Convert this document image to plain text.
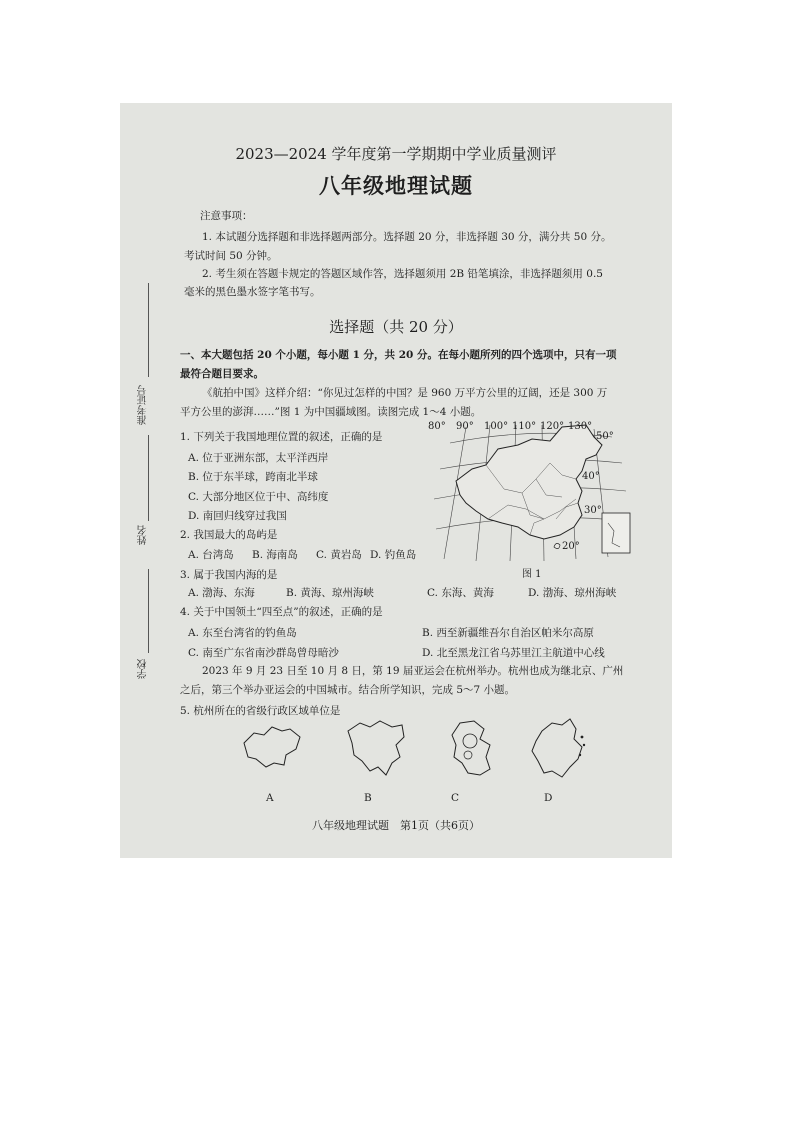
2023—2024 学年度第一学期期中学业质量测评
八年级地理试题
注意事项：
1. 本试题分选择题和非选择题两部分。选择题 20 分，非选择题 30 分，满分共 50 分。
考试时间 50 分钟。
2. 考生须在答题卡规定的答题区域作答，选择题须用 2B 铅笔填涂，非选择题须用 0.5
毫米的黑色墨水签字笔书写。
准考证号
姓名
学校
选择题（共 20 分）
一、本大题包括 20 个小题，每小题 1 分，共 20 分。在每小题所列的四个选项中，只有一项
最符合题目要求。
《航拍中国》这样介绍：“你见过怎样的中国？是 960 万平方公里的辽阔，还是 300 万
平方公里的澎湃……”图 1 为中国疆域图。读图完成 1～4 小题。
1. 下列关于我国地理位置的叙述，正确的是
A. 位于亚洲东部，太平洋西岸
B. 位于东半球，跨南北半球
C. 大部分地区位于中、高纬度
D. 南回归线穿过我国
2. 我国最大的岛屿是
A. 台湾岛 B. 海南岛 C. 黄岩岛 D. 钓鱼岛
80° 90° 100° 110° 120° 130°
50°
40°
30°
20°
图 1
3. 属于我国内海的是
A. 渤海、东海	B. 黄海、琼州海峡	C. 东海、黄海	D. 渤海、琼州海峡
4. 关于中国领土“四至点”的叙述，正确的是
A. 东至台湾省的钓鱼岛	B. 西至新疆维吾尔自治区帕米尔高原
C. 南至广东省南沙群岛曾母暗沙	D. 北至黑龙江省乌苏里江主航道中心线
2023 年 9 月 23 日至 10 月 8 日，第 19 届亚运会在杭州举办。杭州也成为继北京、广州
之后，第三个举办亚运会的中国城市。结合所学知识，完成 5～7 小题。
5. 杭州所在的省级行政区域单位是
A	B	C	D
八年级地理试题　第1页（共6页）
